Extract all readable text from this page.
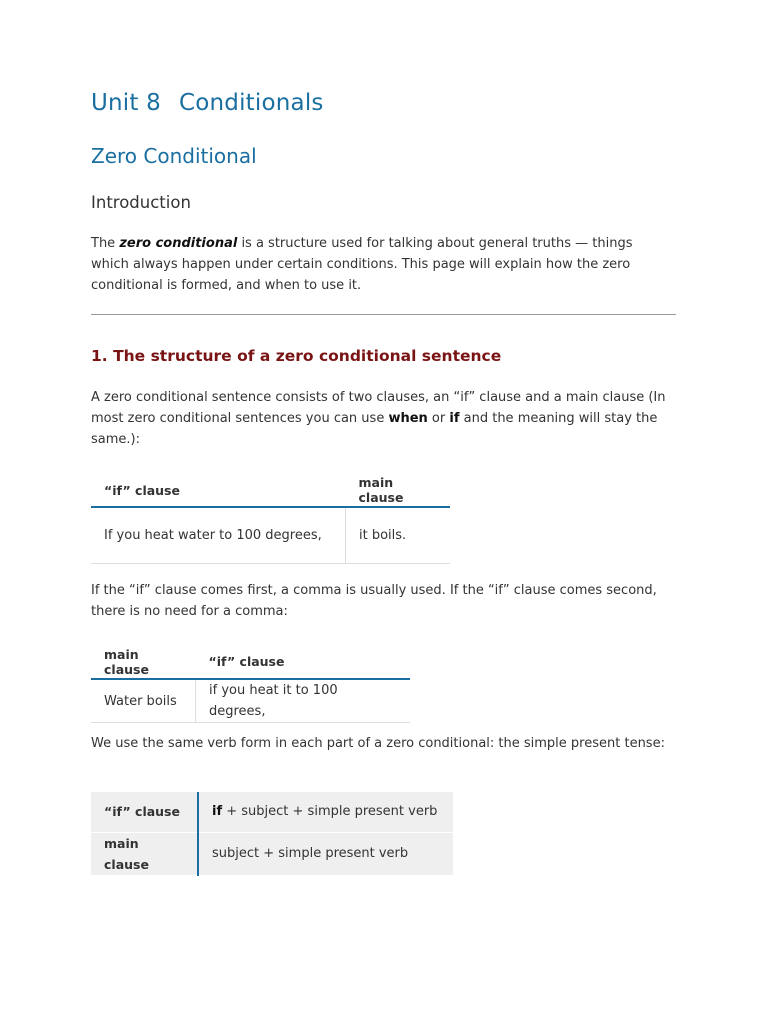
Unit 8 Conditionals
Zero Conditional
Introduction

The zero conditional is a structure used for talking about general truths — things which always happen under certain conditions. This page will explain how the zero conditional is formed, and when to use it.

1. The structure of a zero conditional sentence

A zero conditional sentence consists of two clauses, an “if” clause and a main clause (In most zero conditional sentences you can use when or if and the meaning will stay the same.):

“if” clause	main clause
If you heat water to 100 degrees,	it boils.

If the “if” clause comes first, a comma is usually used. If the “if” clause comes second, there is no need for a comma:

main clause	“if” clause
Water boils	if you heat it to 100 degrees,

We use the same verb form in each part of a zero conditional: the simple present tense:

“if” clause	if + subject + simple present verb
main clause	subject + simple present verb
